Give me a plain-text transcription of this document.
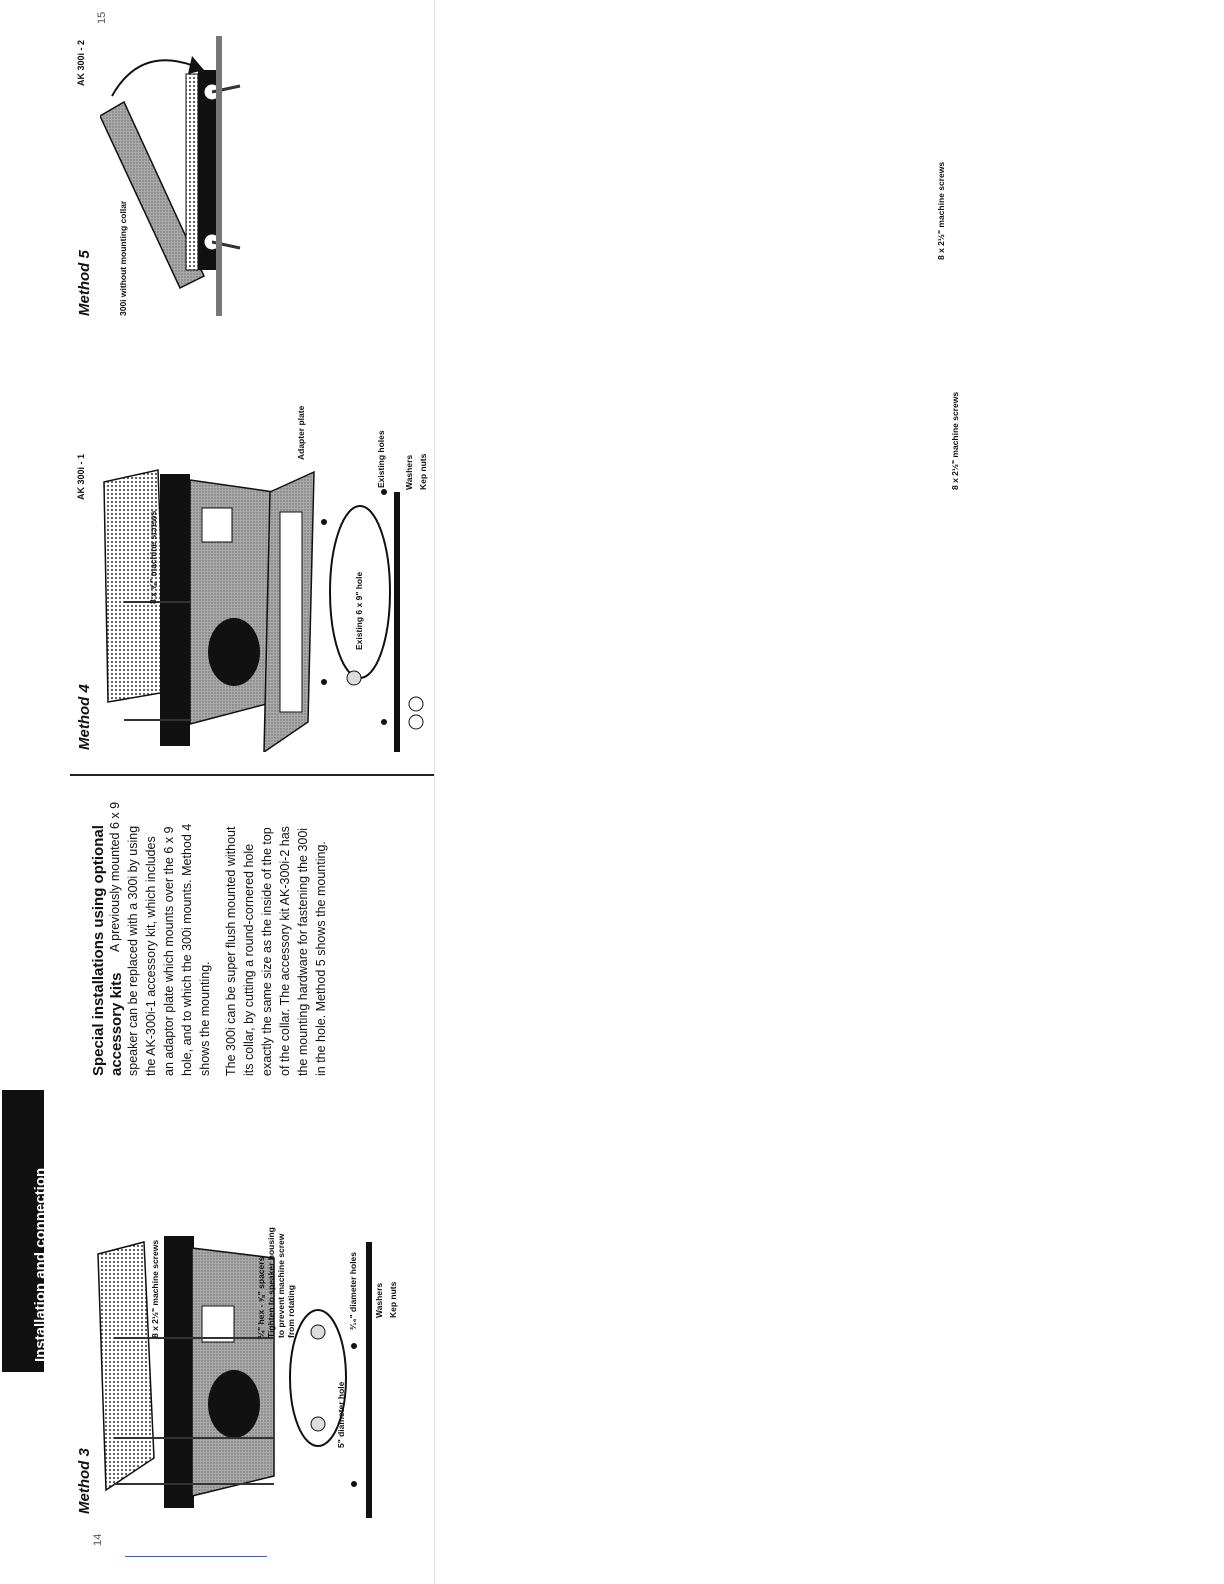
Installation and connection
14
15
Method 3
8 x 2½" machine screws	¼" hex - ⅝" spacers Tighten to speaker housing to prevent machine screw from rotating
5" diameter hole
³⁄₁₆" diameter holes Washers Kep nuts
Special installations using optional accessory kits
A previously mounted 6 x 9 speaker can be replaced with a 300i by using the AK-300i-1 accessory kit, which includes an adaptor plate which mounts over the 6 x 9 hole, and to which the 300i mounts. Method 4 shows the mounting. The 300i can be super flush mounted without its collar, by cutting a round-cornered hole exactly the same size as the inside of the top of the collar. The accessory kit AK-300i-2 has the mounting hardware for fastening the 300i in the hole. Method 5 shows the mounting.
Method 4
AK 300i - 1
8 x ⅝" machine screws
8 x 2½" machine screws
Adapter plate
Existing 6 x 9" hole
Existing holes Washers Kep nuts
Method 5
AK 300i - 2
300i without mounting collar	8 x 2½" machine screws
